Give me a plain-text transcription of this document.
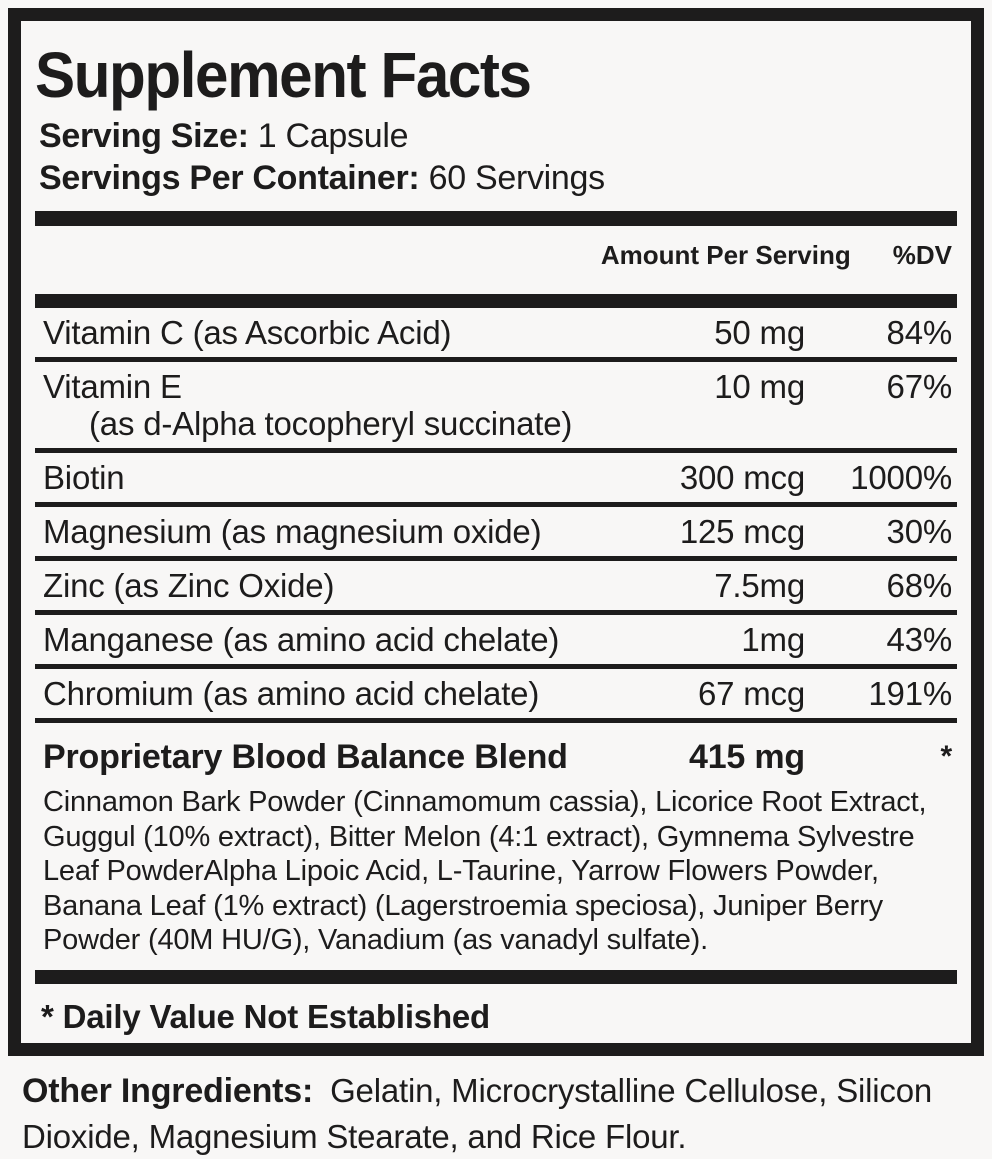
Supplement Facts
Serving Size: 1 Capsule
Servings Per Container: 60 Servings
Amount Per Serving %DV
Vitamin C (as Ascorbic Acid)	50 mg	84%
Vitamin E
(as d-Alpha tocopheryl succinate)
10 mg	67%
Biotin	300 mcg	1000%
Magnesium (as magnesium oxide)	125 mcg	30%
Zinc (as Zinc Oxide)	7.5mg	68%
Manganese (as amino acid chelate)	1mg	43%
Chromium (as amino acid chelate)	67 mcg	191%
Proprietary Blood Balance Blend	415 mg	*

Cinnamon Bark Powder (Cinnamomum cassia), Licorice Root Extract, Guggul (10% extract), Bitter Melon (4:1 extract), Gymnema Sylvestre Leaf PowderAlpha Lipoic Acid, L-Taurine, Yarrow Flowers Powder, Banana Leaf (1% extract) (Lagerstroemia speciosa), Juniper Berry Powder (40M HU/G), Vanadium (as vanadyl sulfate).

* Daily Value Not Established

Other Ingredients: Gelatin, Microcrystalline Cellulose, Silicon Dioxide, Magnesium Stearate, and Rice Flour.
